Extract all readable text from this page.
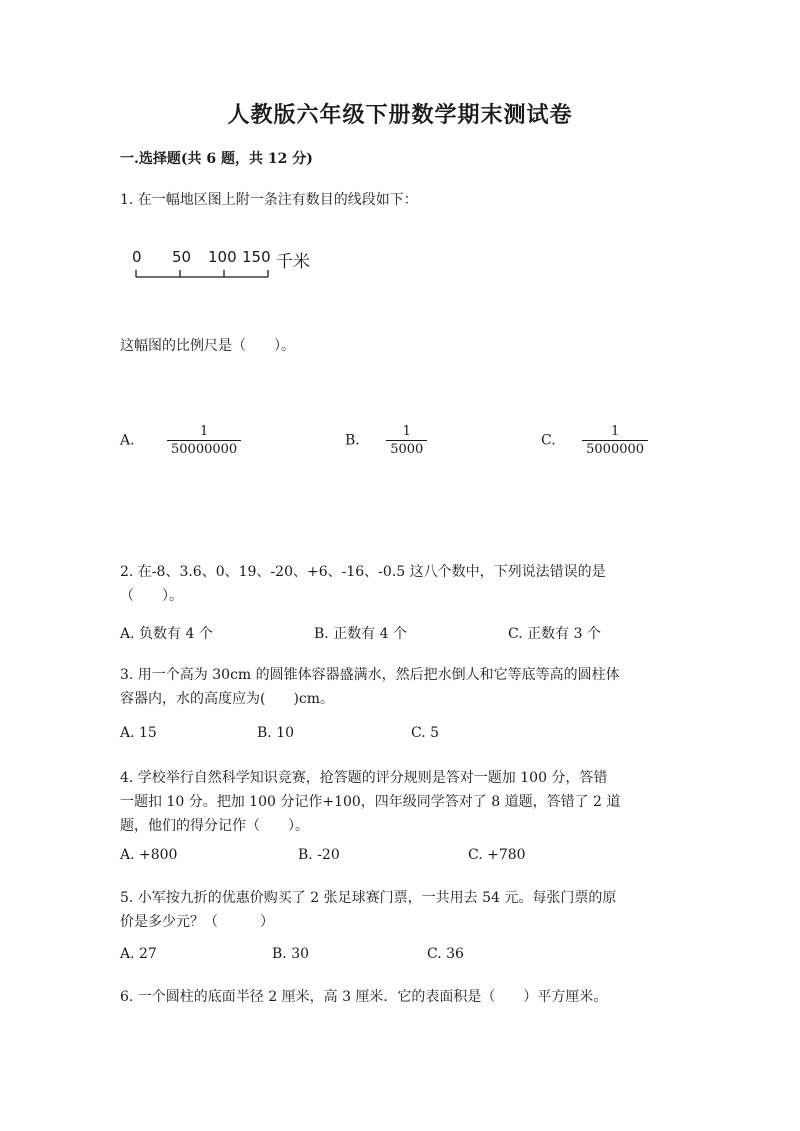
人教版六年级下册数学期末测试卷
一.选择题(共 6 题，共 12 分)
1. 在一幅地区图上附一条注有数目的线段如下：
0 50 100 150 千米
这幅图的比例尺是（　　）。
A. $\frac{1}{50000000}$	B. $\frac{1}{5000}$	C. $\frac{1}{5000000}$
2. 在-8、3.6、0、19、-20、+6、-16、-0.5 这八个数中，下列说法错误的是
（　　）。
A. 负数有 4 个	B. 正数有 4 个	C. 正数有 3 个
3. 用一个高为 30cm 的圆锥体容器盛满水，然后把水倒人和它等底等高的圆柱体
容器内，水的高度应为(　　)cm。
A. 15	B. 10	C. 5
4. 学校举行自然科学知识竞赛，抢答题的评分规则是答对一题加 100 分，答错
一题扣 10 分。把加 100 分记作+100，四年级同学答对了 8 道题，答错了 2 道
题，他们的得分记作（　　）。
A. +800	B. -20	C. +780
5. 小军按九折的优惠价购买了 2 张足球赛门票，一共用去 54 元。每张门票的原
价是多少元？（　　　）
A. 27	B. 30	C. 36
6. 一个圆柱的底面半径 2 厘米，高 3 厘米．它的表面积是（　　）平方厘米。
